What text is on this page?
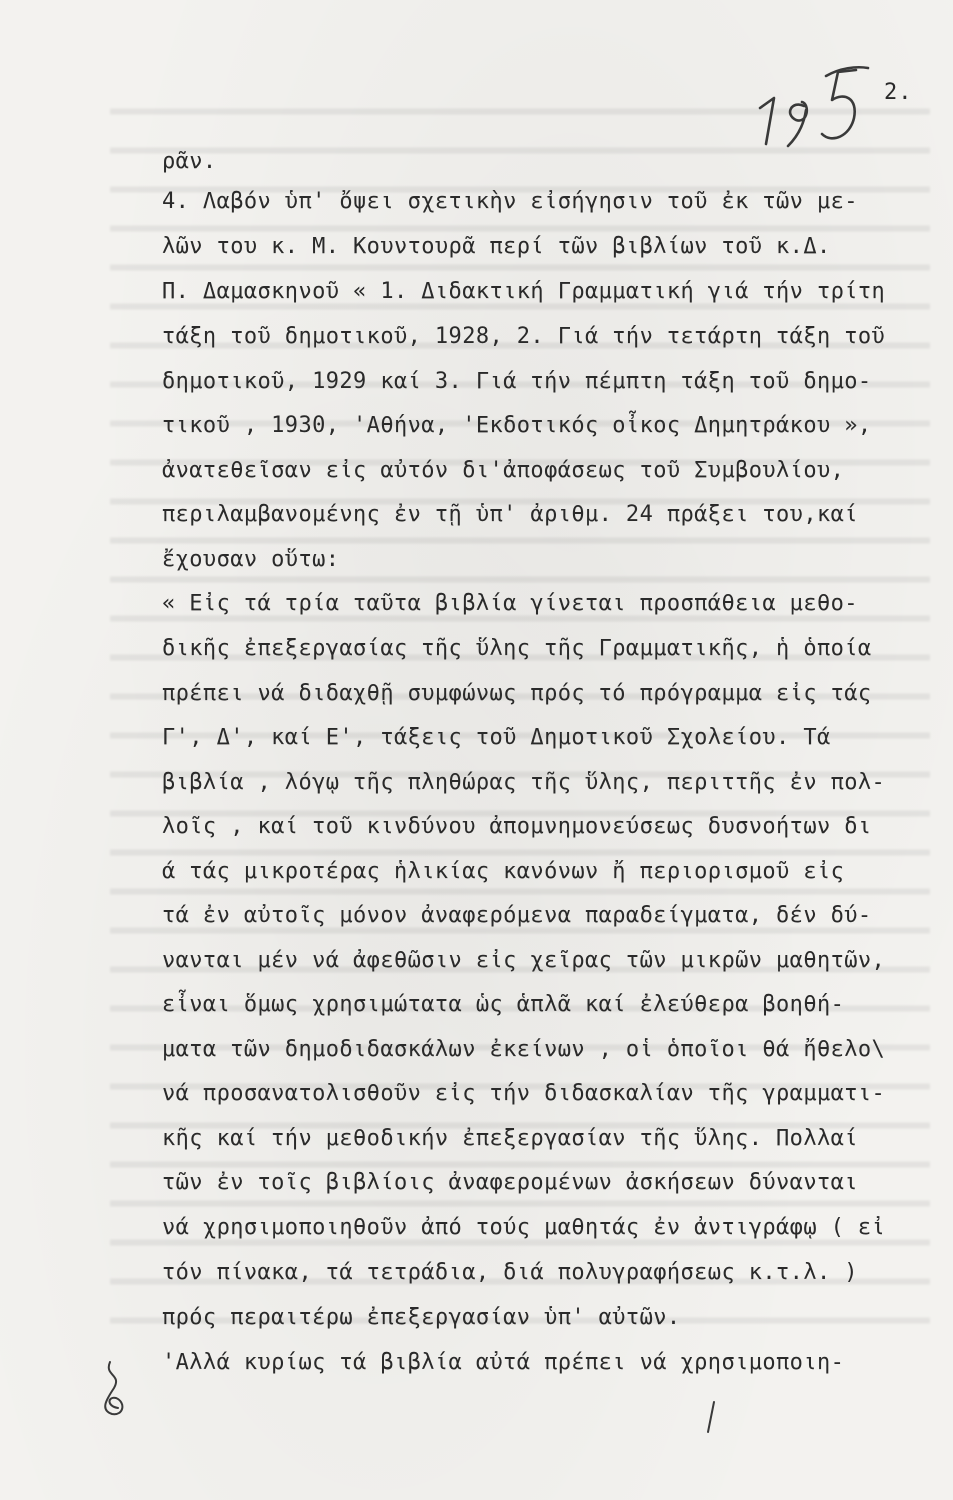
2.
ρᾶν.
4. Λαβόν ὑπ' ὄψει σχετικὴν εἰσήγησιν τοῦ ἐκ τῶν με-
λῶν του κ. Μ. Κουντουρᾶ περί τῶν βιβλίων τοῦ κ.Δ.
Π. Δαμασκηνοῦ « 1. Διδακτική Γραμματική γιά τήν τρίτη
τάξη τοῦ δημοτικοῦ, 1928, 2. Γιά τήν τετάρτη τάξη τοῦ
δημοτικοῦ, 1929 καί 3. Γιά τήν πέμπτη τάξη τοῦ δημο-
τικοῦ , 1930, 'Αθήνα, 'Εκδοτικός οἶκος Δημητράκου »,
ἀνατεθεῖσαν εἰς αὐτόν δι'ἀποφάσεως τοῦ Συμβουλίου,
περιλαμβανομένης ἐν τῇ ὑπ' ἀριθμ. 24 πράξει του,καί
ἔχουσαν οὕτω:
« Εἰς τά τρία ταῦτα βιβλία γίνεται προσπάθεια μεθο-
δικῆς ἐπεξεργασίας τῆς ὕλης τῆς Γραμματικῆς, ἡ ὁποία
πρέπει νά διδαχθῇ συμφώνως πρός τό πρόγραμμα εἰς τάς
Γ', Δ', καί Ε', τάξεις τοῦ Δημοτικοῦ Σχολείου. Τά
βιβλία , λόγῳ τῆς πληθώρας τῆς ὕλης, περιττῆς ἐν πολ-
λοῖς , καί τοῦ κινδύνου ἀπομνημονεύσεως δυσνοήτων δι
ά τάς μικροτέρας ἡλικίας κανόνων ἤ περιορισμοῦ εἰς
τά ἐν αὐτοῖς μόνον ἀναφερόμενα παραδείγματα, δέν δύ-
νανται μέν νά ἀφεθῶσιν εἰς χεῖρας τῶν μικρῶν μαθητῶν,
εἶναι ὅμως χρησιμώτατα ὡς ἁπλᾶ καί ἐλεύθερα βοηθή-
ματα τῶν δημοδιδασκάλων ἐκείνων , οἱ ὁποῖοι θά ἤθελο\
νά προσανατολισθοῦν εἰς τήν διδασκαλίαν τῆς γραμματι-
κῆς καί τήν μεθοδικήν ἐπεξεργασίαν τῆς ὕλης. Πολλαί
τῶν ἐν τοῖς βιβλίοις ἀναφερομένων ἀσκήσεων δύνανται
νά χρησιμοποιηθοῦν ἀπό τούς μαθητάς ἐν ἀντιγράφῳ ( εἰ
τόν πίνακα, τά τετράδια, διά πολυγραφήσεως κ.τ.λ. )
πρός περαιτέρω ἐπεξεργασίαν ὑπ' αὐτῶν.
'Αλλά κυρίως τά βιβλία αὐτά πρέπει νά χρησιμοποιη-
